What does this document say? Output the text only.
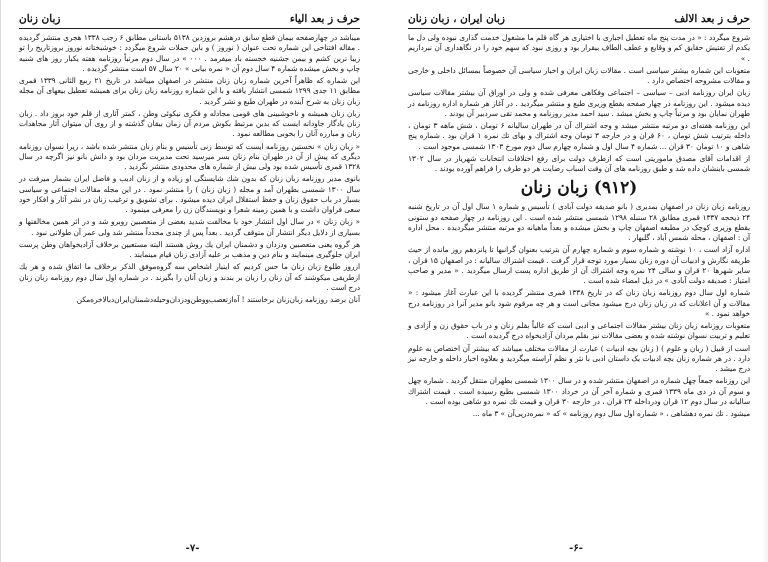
حرف ز بعد الياء
زبان زنان

میباشد در چهارصفحه بیمان قطع سابق درهشم بروزدین ۵۱۳۸ باستانی مطابق ۶ رجب ۱۳۳۸ هجری منتشر گردیده . مقاله افتتاحی این شماره تحت عنوان ( نوروز ) و بابن جملات شروع میگردد : خوشبختانه نوروز بروزتاریخ را تو زیبا ترین کشم و بیمن جشنیه خجسته باد میفرمد . ۰۰۰ » در سال دوم مرتباً روزنامه هفته یکبار روز های شنبه چاپ و بخش میشده شماره ۴ سال دوم آن « نمره بیابی » ۲۰ سال ۵۷ است منتشر گردیده .

این شماره که ظاهراً آخرین شماره زبان زنان منتشر در اصفهان میباشد در تاریخ ۲۱ ربیع الثانی ۱۳۳۹ قمری مطابق ۱۱ جدی ۱۲۹۹ شمسی انتشار یافته و با این شماره روزنامه زبان زنان برای همیشه تعطیل بیعهای آن مجله زبان زنان به شرح آینده در طهران طبع و نشر گردید .

زبان زنان همیشه و ناخوشبینی های قومی مجادله و فکری نیکوئی وطن ، کمتر آثاری از قلم خود بروز داد . زبان زنان یادگار جاودانه ایست که بدین مرتبط بکوش مردم آن زمان بیقان گذشته و از روی آن میتوان آثار مجاهدات زنان و مبارزه آنان را بخوبی مطالعه نمود .

« زبان زنان » نخستین روزنامه ایست که توسط زنی تأسیس و بنام زنان منتشر شده باشد ، زیرا نسوان روزنامه دیگری که پیش از آن در طهران بنام زنان بسر میرسید تحت مدیریت مردان بود و دانش بانو نیز اگرچه در سال ۱۳۲۸ قمری تأسیس شده بود ولی بیش از شماره های محدودی منتشر نگردید .

بانوی مدیر روزنامه زبان زنان که بدون شك شایستگی او زیاده و از زنان ادیب و فاضل ایران بشمار میرفت در سال ۱۳۰۰ شمسی بطهران آمد و مجله ( زبان زنان ) را منتشر نمود . در این مجله مقالات اجتماعی و سیاسی بسیار در باب حقوق زنان و حفظ استقلال ایران دیده میشود . برای تشویق و ترغیب زنان در نشر آثار و افکار خود سعی فراوان داشت و با همین زمینه شعرا و نویسندگان زن را معرفی مینمود .

« زبان زنان » در سال اول انتشار خود با مخالفت شدید بعضی از متعصبین روبرو شد و در اثر همین مخالفتها و بسیاری از دلایل دیگر انتشار آن متوقف گردید . بعداً پس از چندی مجدداً منتشر شد ولی عمر آن طولانی نبود .

هر گروه یعنی متعصبین ودزدان و دشمنان ایران یك روش هستند البته مستعبین برخلاف آزادیخواهان وطن پرست ایران جلوگیری مینمایند و بنام دین و مذهب بر علیه آزادی زنان قیام مینمایند .

ازروز طلوع زبان زنان ما حس کردیم که اینبار اشخاص سه گروه‌موفق الذکر برخلاف ما اتفاق شده و هر یك ازطریقی میکوشند که آن زنان را زبان بر بندند و زبان آنان را بگیرند . در شماره اول سال دوم روزنامه زبان زنان درج است .

آنان برضد روزنامه زبان‌زنان برخاستند ! آه‌ازتعصب‌ووطن‌ودزدان‌وحیله‌دشمنان‌ایران‌دبالاخره‌مکن

-۷-
حرف ز بعد الالف
زبان ایران ، زبان زنان

شروع میگردد : « در مدت پنج ماه تعطیل اجباری با اختیاری هر گاه قلم ما مشغول خدمت گذاری نبوده ولی دل ما یکدم از تفتیش حقایق کم و وقایع و عطف الطاف بیقرار بود و روزی نبود که سهم خود را در نگاهداری آن نبردازیم . »

متعوبات این شماره بیشتر سیاسی است . مقالات زبان ایران و اخبار سیاسی آن خصوصاً بمسائل داخلی و خارجی و مقالات مشروحه اختصاص دارد .

زبان ایران روزنامه ادبی – سیاسی – اجتماعی وفکاهی معرفی شده و ولی در اوراق آن بیشتر مقالات سیاسی دیده میشود . این روزنامه در چهار صفحه بقطع وزیری طبع و منتشر میگردید . در آغاز هر شماره اداره روزنامه در طهران نمایان بود و مرتباً چاپ و بخش میشد . سید احمد مدیر روزنامه و محمد تقی سردبیر آن بودند .

این روزنامه هفته‌ای دو مرتبه منتشر میشد و وجه اشتراك آن در طهران سالیانه ۶ تومان ، شش ماهه ۳ تومان ، داخله بترتیب شش تومان ، ۶۰ قران و در خارجه ۳ تومان وجه اشتراك و بهای تك نمره ۱ قران بود . شماره پنج شاهی و ۱۰ تومان ۳۰ قران ... شماره ۴ سال اول و شماره چهارم سال دوم مورخ ۱۳۰۳ شمسی موجود است .

از اقدامات آقای مصدق ماموریتی است که ازطرف دولت برای رفع اختلافات انتخابات شهریار در سال ۱۳۰۲ شمسی باینشان داده شد و طبق روزنامه های آن وقت اسباب رضایت هر دو طرف را فراهم آورده بودند .

(۹۱۲) زبان زنان

روزنامه زبان زنان در اصفهان بمدیری ( بانو صدیقه دولت آبادی ) تأسیس و شماره ۱ سال اول آن در تاریخ شنبه ۲۴ ذیحجه ۱۳۳۷ قمری مطابق ۲۸ سنبله ۱۲۹۸ شمسی منتشر شده است . این روزنامه در چهار صفحه دو ستونی بقطع وزیری کوچک در مطبعه اصفهان چاپ و بخش میشده و بعداً ماهیانه دو مرتبه منتشر میگردیده . محل اداره آن : اصفهان ، محله شمس آباد ، گلبهار .

اداره آزاد است ، ۱۰ نوشته و شماره سوم و شماره چهارم آن بترتیب بعنوان گرانبها تا پانزدهم روز مانده از حیث طریقه نگارش و ادبیات آن دوره زنان بسیار مورد توجه قرار گرفت . قیمت اشتراك سالیانه : در اصفهان ۱۵ قران ، سایر شهرها ۲۰ قران و سالی ۲۴ نمره وجه اشتراك آن از طریق اداره پست ارسال میگردید . « مدیر و صاحب امتیاز : صدیقه دولت آبادی » در ذیل امضاء شده است .

شماره اول سال دوم روزنامه زبان زنان که در تاریخ ۱۳۳۸ قمری منتشر گردیده با این عبارت آغاز میشود : « مقالات و آن اعلانات که در زبان زنان درج میشود مجانی است و هر چه مرقوم شود بانو مدیر آنرا در روزنامه درج خواهد نمود . »

متعوبات روزنامه زبان زنان بیشتر مقالات اجتماعی و ادبی است که غالباً بقلم زنان و در باب حقوق زن و آزادی و تعلیم و تربیت نسوان نوشته شده و بعضی مقالات نیز بقلم مردان آزادیخواه درج گردیده است .

است از قبیل ( زبان و علوم ) ( زنان بچه ادبیات ) عبارت از مقالات مختلف میباشد که بیشتر آن اختصاص به علوم دارد . در هر شماره زنان بچه ادبیات یک داستان ادبی با نثر و نظم آراسته میگردید و بعلاوه اخبار داخله و خارجه نیز درج میشد .

این روزنامه جمعاً چهل شماره در اصفهان منتشر شده و در سال ۱۳۰۰ شمسی بطهران منتقل گردید . شماره چهل و سوم آن در دی ماه ۱۳۳۹ قمری و شماره آخر آن در خرداد ۱۳۰۰ شمسی بطبع رسیده است . قیمت اشتراك سالیانه در سال دوم ۱۲ قران ودرداخله ۲۴ قران ، در خارجه ۳۰ قران و قیمت تك نمره دو شاهی بوده است .

میشود . تك نمره دهشاهی ، « شماره اول سال دوم روزنامه » که « نمره‌درپی‌آن » ۳ ماه ...

-۶-
